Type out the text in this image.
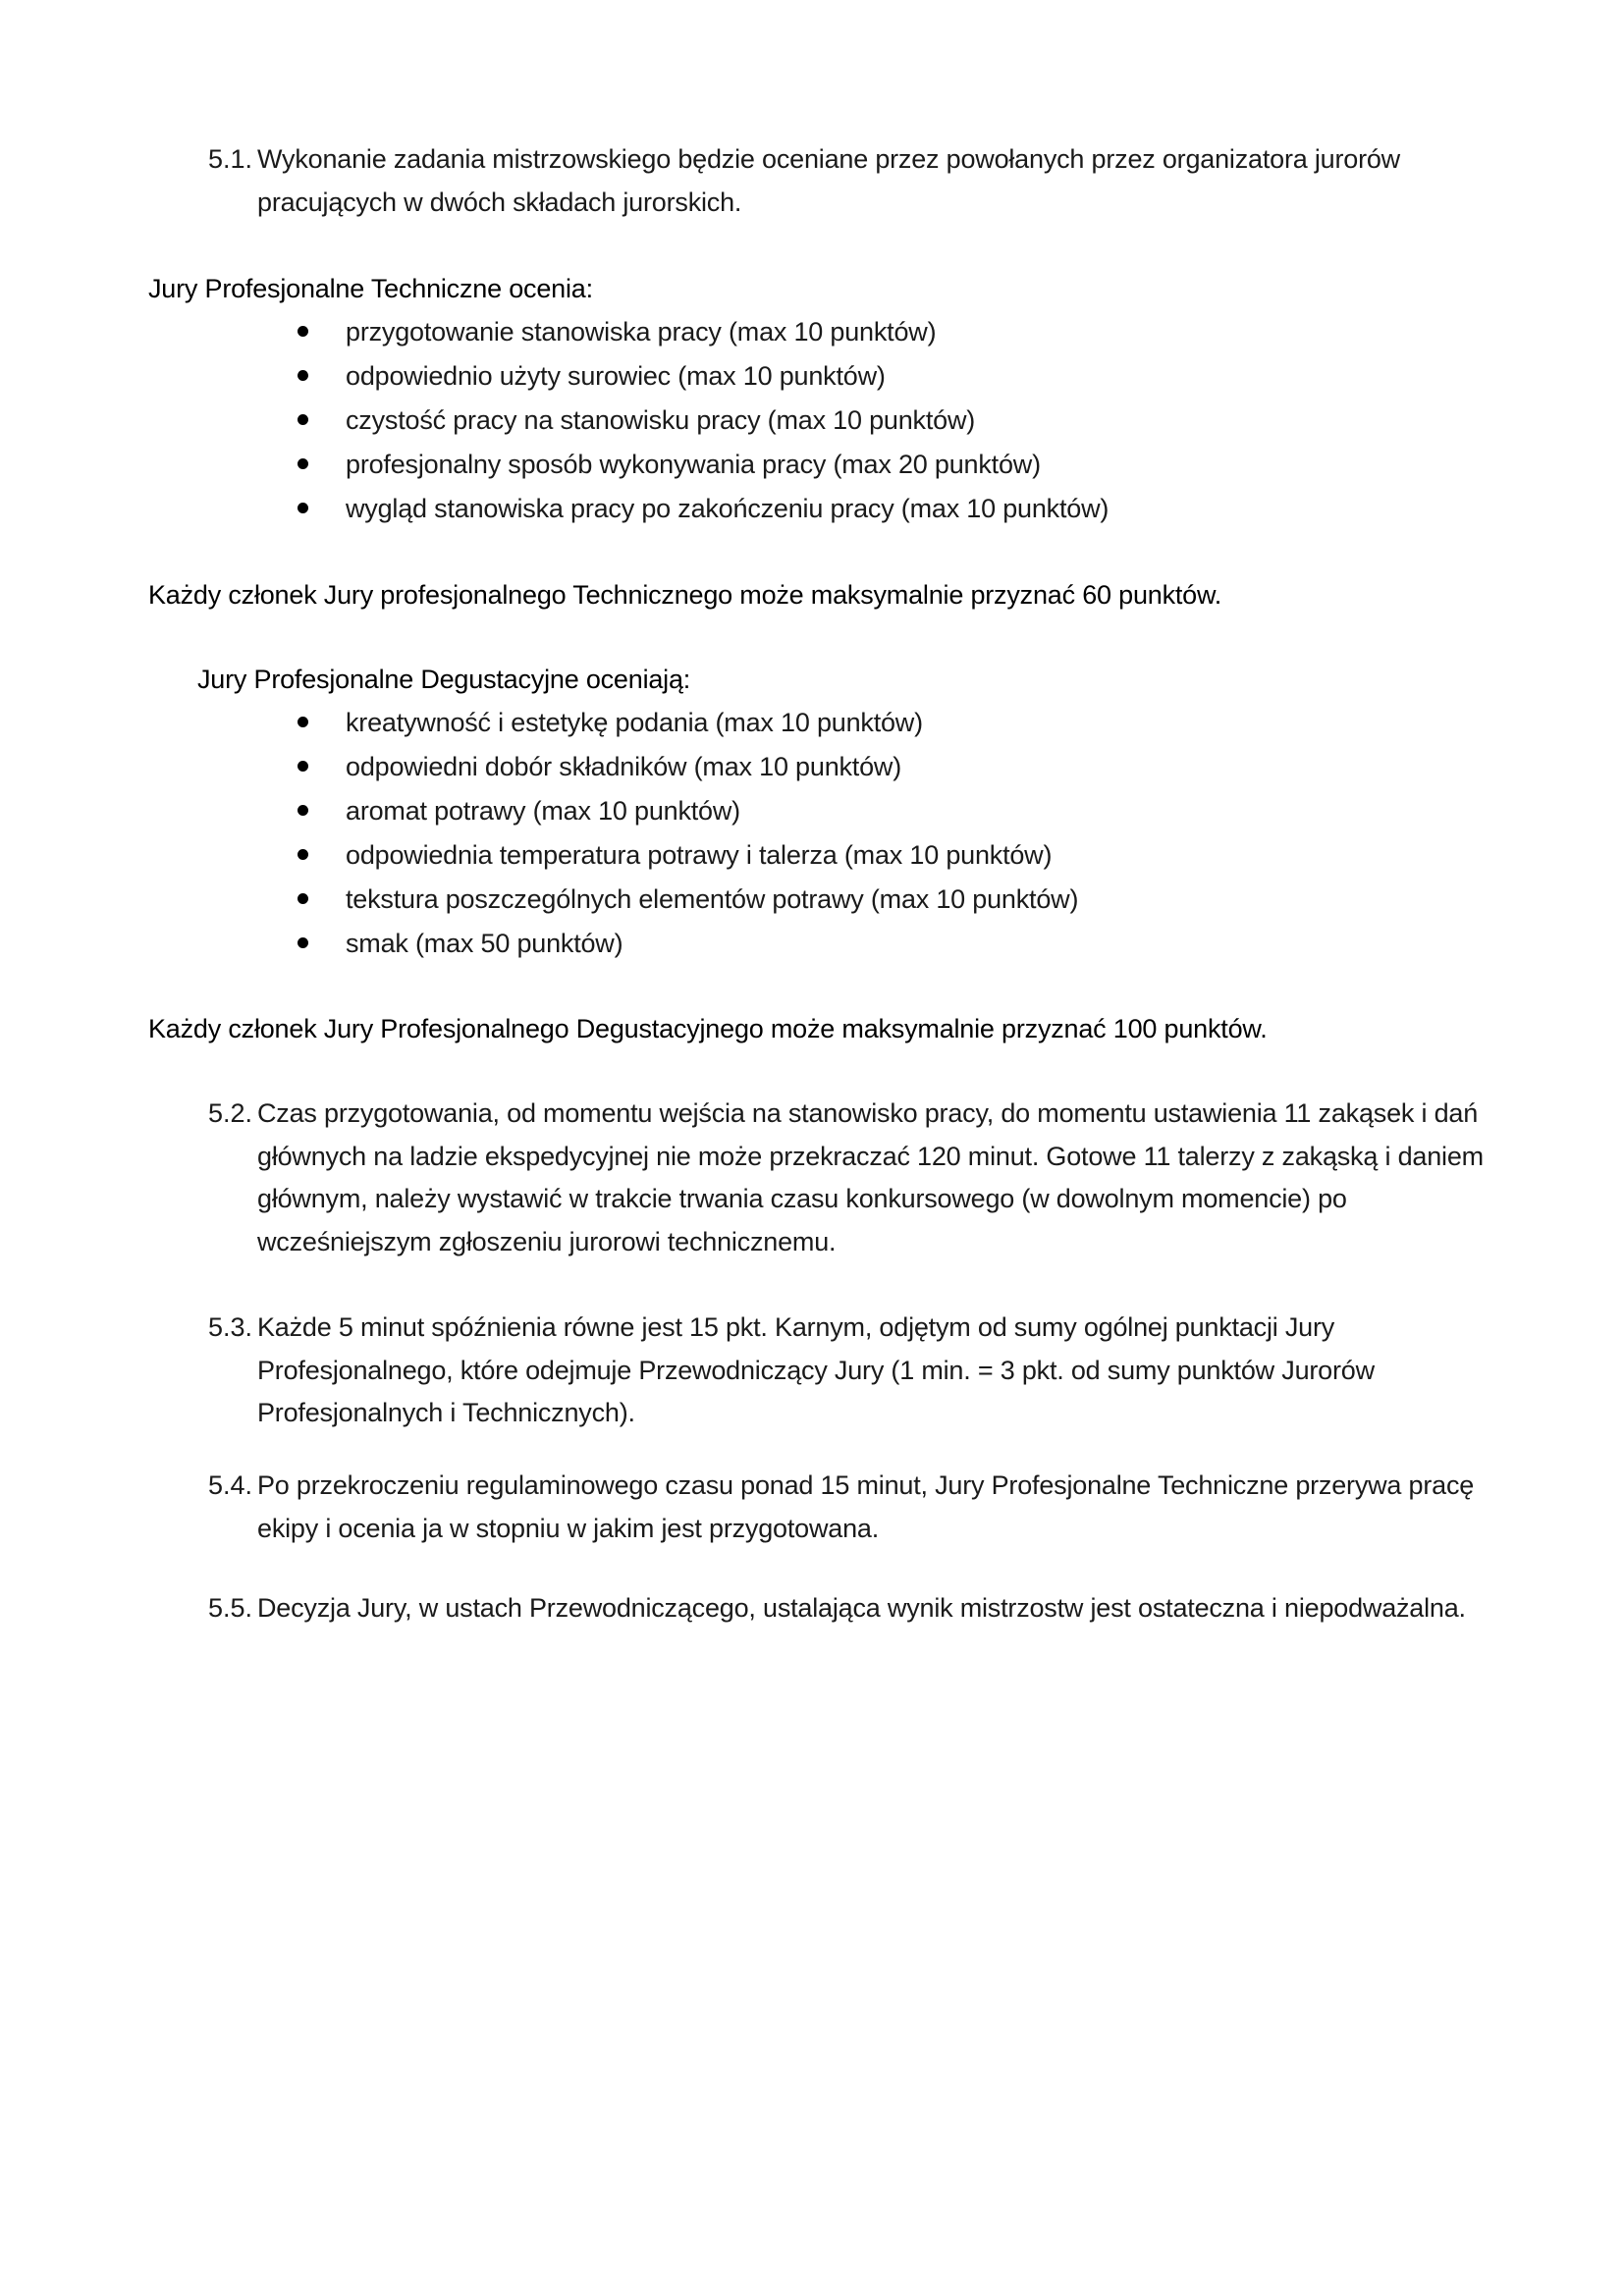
5.1. Wykonanie zadania mistrzowskiego będzie oceniane przez powołanych przez organizatora jurorów
pracujących w dwóch składach jurorskich.
Jury Profesjonalne Techniczne ocenia:
przygotowanie stanowiska pracy (max 10 punktów)
odpowiednio użyty surowiec (max 10 punktów)
czystość pracy na stanowisku pracy (max 10 punktów)
profesjonalny sposób wykonywania pracy (max 20 punktów)
wygląd stanowiska pracy po zakończeniu pracy (max 10 punktów)
Każdy członek Jury profesjonalnego Technicznego może maksymalnie przyznać 60 punktów.
Jury Profesjonalne Degustacyjne oceniają:
kreatywność i estetykę podania (max 10 punktów)
odpowiedni dobór składników (max 10 punktów)
aromat potrawy (max 10 punktów)
odpowiednia temperatura potrawy i talerza (max 10 punktów)
tekstura poszczególnych elementów potrawy (max 10 punktów)
smak (max 50 punktów)
Każdy członek Jury Profesjonalnego Degustacyjnego może maksymalnie przyznać 100 punktów.
5.2. Czas przygotowania, od momentu wejścia na stanowisko pracy, do momentu ustawienia 11 zakąsek i dań
głównych na ladzie ekspedycyjnej nie może przekraczać 120 minut. Gotowe 11 talerzy z zakąską i daniem
głównym, należy wystawić w trakcie trwania czasu konkursowego (w dowolnym momencie) po
wcześniejszym zgłoszeniu jurorowi technicznemu.
5.3. Każde 5 minut spóźnienia równe jest 15 pkt. Karnym, odjętym od sumy ogólnej punktacji Jury
Profesjonalnego, które odejmuje Przewodniczący Jury (1 min. = 3 pkt. od sumy punktów Jurorów
Profesjonalnych i Technicznych).
5.4. Po przekroczeniu regulaminowego czasu ponad 15 minut, Jury Profesjonalne Techniczne przerywa pracę
ekipy i ocenia ja w stopniu w jakim jest przygotowana.
5.5. Decyzja Jury, w ustach Przewodniczącego, ustalająca wynik mistrzostw jest ostateczna i niepodważalna.
